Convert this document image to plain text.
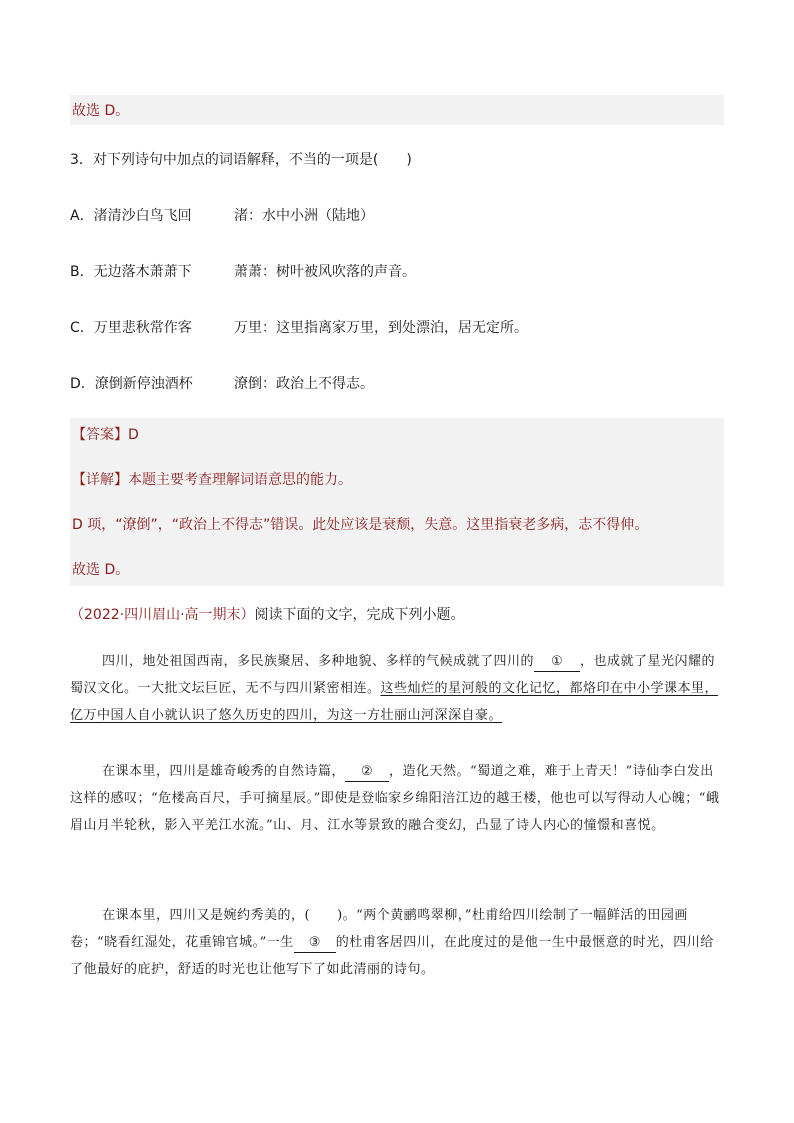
故选 D。
3．对下列诗句中加点的词语解释，不当的一项是(　　)
A．渚清沙白鸟飞回	渚：水中小洲（陆地）
B．无边落木萧萧下	萧萧：树叶被风吹落的声音。
C．万里悲秋常作客	万里：这里指离家万里，到处漂泊，居无定所。
D．潦倒新停浊酒杯	潦倒：政治上不得志。
【答案】D
【详解】本题主要考查理解词语意思的能力。
D 项，“潦倒”，“政治上不得志”错误。此处应该是衰颓，失意。这里指衰老多病，志不得伸。
故选 D。
（2022·四川眉山·高一期末）阅读下面的文字，完成下列小题。
四川，地处祖国西南，多民族聚居、多种地貌、多样的气候成就了四川的 ① ，也成就了星光闪耀的蜀汉文化。一大批文坛巨匠，无不与四川紧密相连。这些灿烂的星河般的文化记忆，都烙印在中小学课本里，亿万中国人自小就认识了悠久历史的四川，为这一方壮丽山河深深自豪。
在课本里，四川是雄奇峻秀的自然诗篇， ② ，造化天然。“蜀道之难，难于上青天！”诗仙李白发出这样的感叹；“危楼高百尺，手可摘星辰。”即使是登临家乡绵阳涪江边的越王楼，他也可以写得动人心魄；“峨眉山月半轮秋，影入平羌江水流。”山、月、江水等景致的融合变幻，凸显了诗人内心的憧憬和喜悦。
在课本里，四川又是婉约秀美的，(　　)。“两个黄鹂鸣翠柳，”杜甫给四川绘制了一幅鲜活的田园画卷；“晓看红湿处，花重锦官城。”一生 ③ 的杜甫客居四川，在此度过的是他一生中最惬意的时光，四川给了他最好的庇护，舒适的时光也让他写下了如此清丽的诗句。
